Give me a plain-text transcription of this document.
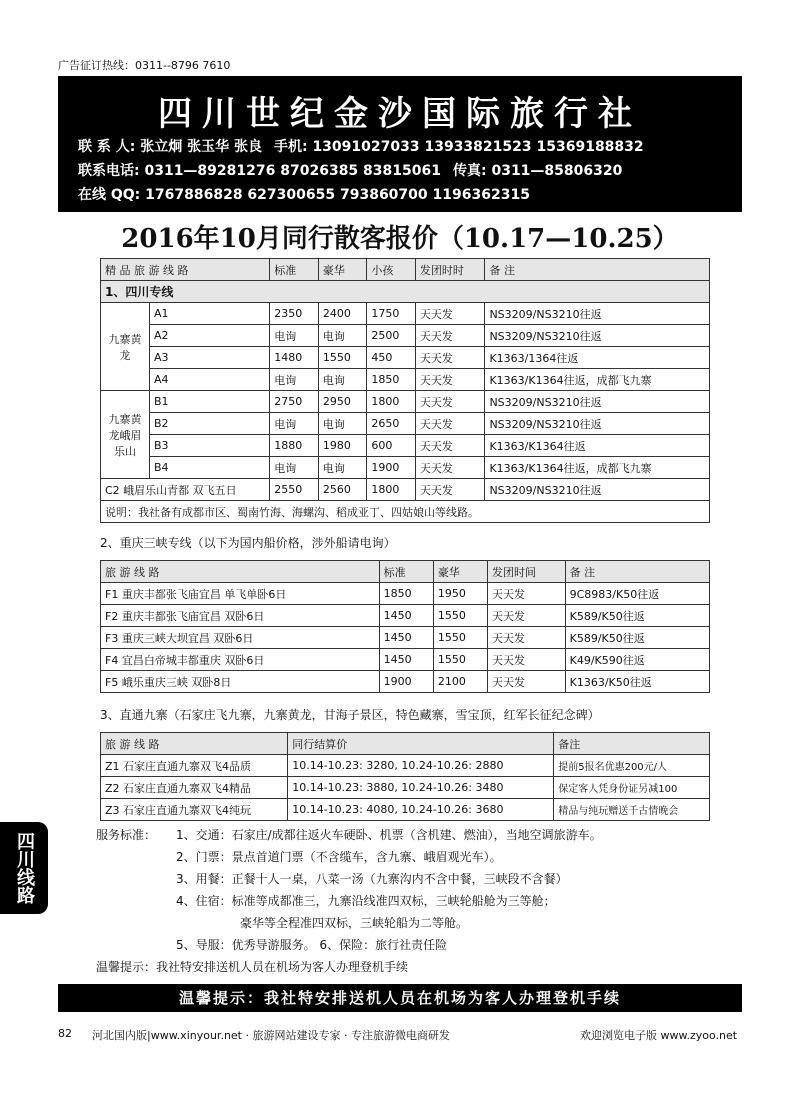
广告征订热线：0311--8796 7610
四川世纪金沙国际旅行社
联 系 人: 张立炯 张玉华 张良 手机: 13091027033 13933821523 15369188832
联系电话: 0311—89281276 87026385 83815061 传真: 0311—85806320
在线 QQ: 1767886828 627300655 793860700 1196362315
2016年10月同行散客报价（10.17—10.25）
精 品 旅 游 线 路		标准	豪华	小孩	发团时时	备 注
1、四川专线						
九寨黄龙	A1	2350	2400	1750	天天发	NS3209/NS3210往返
	A2	电询	电询	2500	天天发	NS3209/NS3210往返
	A3	1480	1550	450	天天发	K1363/1364往返
	A4	电询	电询	1850	天天发	K1363/K1364往返，成都飞九寨
九寨黄龙峨眉乐山	B1	2750	2950	1800	天天发	NS3209/NS3210往返
	B2	电询	电询	2650	天天发	NS3209/NS3210往返
	B3	1880	1980	600	天天发	K1363/K1364往返
	B4	电询	电询	1900	天天发	K1363/K1364往返，成都飞九寨
C2 峨眉乐山青都 双飞五日		2550	2560	1800	天天发	NS3209/NS3210往返
说明：我社备有成都市区、蜀南竹海、海螺沟、稻成亚丁、四姑娘山等线路。						
2、重庆三峡专线（以下为国内船价格，涉外船请电询）
旅 游 线 路	标准	豪华	发团时间	备 注
F1 重庆丰都张飞庙宜昌 单飞单卧6日	1850	1950	天天发	9C8983/K50往返
F2 重庆丰都张飞庙宜昌 双卧6日	1450	1550	天天发	K589/K50往返
F3 重庆三峡大坝宜昌 双卧6日	1450	1550	天天发	K589/K50往返
F4 宜昌白帝城丰都重庆 双卧6日	1450	1550	天天发	K49/K590往返
F5 峨乐重庆三峡 双卧8日	1900	2100	天天发	K1363/K50往返
3、直通九寨（石家庄飞九寨，九寨黄龙，甘海子景区，特色藏寨，雪宝顶，红军长征纪念碑）
旅 游 线 路	同行结算价	备注
Z1 石家庄直通九寨双飞4品质	10.14-10.23: 3280, 10.24-10.26: 2880	提前5报名优惠200元/人
Z2 石家庄直通九寨双飞4精品	10.14-10.23: 3880, 10.24-10.26: 3480	保定客人凭身份证另减100
Z3 石家庄直通九寨双飞4纯玩	10.14-10.23: 4080, 10.24-10.26: 3680	精品与纯玩赠送千古情晚会
服务标准： 1、交通：石家庄/成都往返火车硬卧、机票（含机建、燃油），当地空调旅游车。
2、门票：景点首道门票（不含缆车，含九寨、峨眉观光车）。
3、用餐：正餐十人一桌，八菜一汤（九寨沟内不含中餐，三峡段不含餐）
4、住宿：标准等成都准三，九寨沿线准四双标，三峡轮船舱为三等舱；
豪华等全程准四双标，三峡轮船为二等舱。
5、导服：优秀导游服务。 6、保险：旅行社责任险
温馨提示：我社特安排送机人员在机场为客人办理登机手续
温馨提示：我社特安排送机人员在机场为客人办理登机手续
四川线路
82 河北国内版|www.xinyour.net · 旅游网站建设专家 · 专注旅游微电商研发	欢迎浏览电子版 www.zyoo.net
